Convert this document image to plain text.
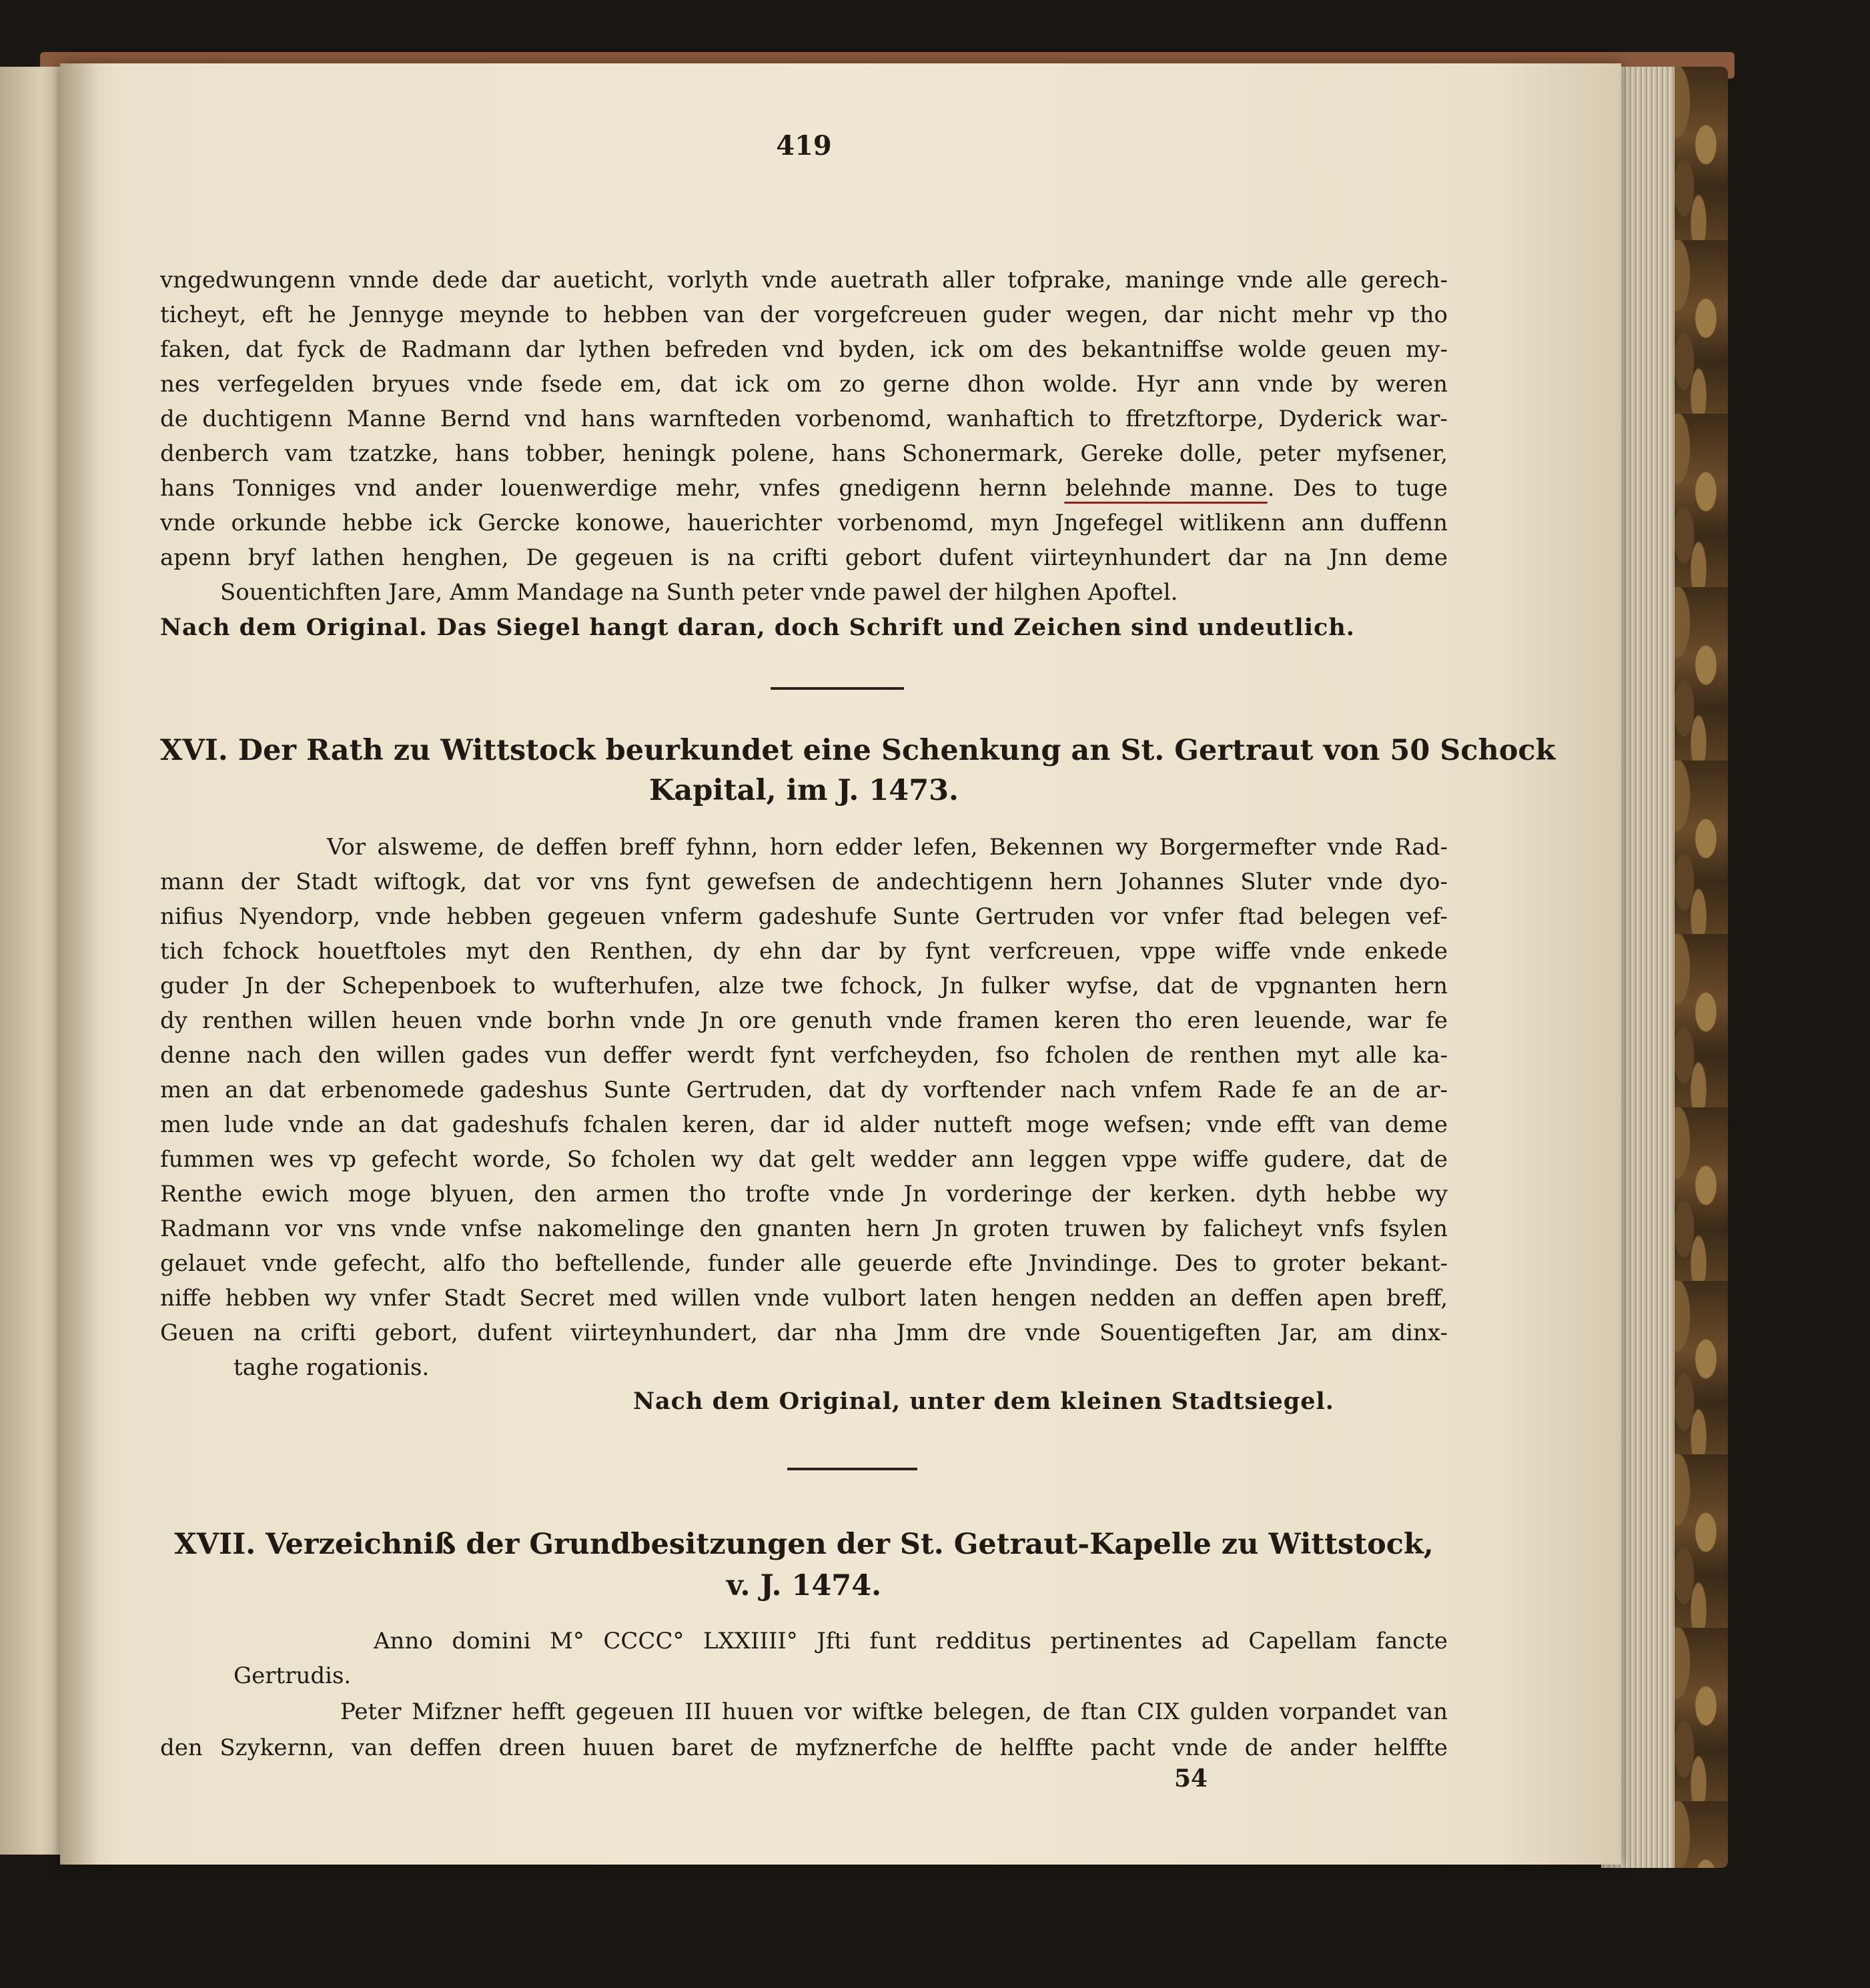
419
vngedwungenn vnnde dede dar aueticht, vorlyth vnde auetrath aller tofprake, maninge vnde alle gerech-
ticheyt, eft he Jennyge meynde to hebben van der vorgefcreuen guder wegen, dar nicht mehr vp tho
faken, dat fyck de Radmann dar lythen befreden vnd byden, ick om des bekantniffse wolde geuen my-
nes verfegelden bryues vnde fsede em, dat ick om zo gerne dhon wolde. Hyr ann vnde by weren
de duchtigenn Manne Bernd vnd hans warnfteden vorbenomd, wanhaftich to ffretzftorpe, Dyderick war-
denberch vam tzatzke, hans tobber, heningk polene, hans Schonermark, Gereke dolle, peter myfsener,
hans Tonniges vnd ander louenwerdige mehr, vnfes gnedigenn hernn belehnde manne. Des to tuge
vnde orkunde hebbe ick Gercke konowe, hauerichter vorbenomd, myn Jngefegel witlikenn ann duffenn
apenn bryf lathen henghen, De gegeuen is na crifti gebort dufent viirteynhundert dar na Jnn deme
Souentichften Jare, Amm Mandage na Sunth peter vnde pawel der hilghen Apoftel.
Nach dem Original. Das Siegel hangt daran, doch Schrift und Zeichen sind undeutlich.
XVI. Der Rath zu Wittstock beurkundet eine Schenkung an St. Gertraut von 50 Schock
Kapital, im J. 1473.
Vor alsweme, de deffen breff fyhnn, horn edder lefen, Bekennen wy Borgermefter vnde Rad-
mann der Stadt wiftogk, dat vor vns fynt gewefsen de andechtigenn hern Johannes Sluter vnde dyo-
nifius Nyendorp, vnde hebben gegeuen vnferm gadeshufe Sunte Gertruden vor vnfer ftad belegen vef-
tich fchock houetftoles myt den Renthen, dy ehn dar by fynt verfcreuen, vppe wiffe vnde enkede
guder Jn der Schepenboek to wufterhufen, alze twe fchock, Jn fulker wyfse, dat de vpgnanten hern
dy renthen willen heuen vnde borhn vnde Jn ore genuth vnde framen keren tho eren leuende, war fe
denne nach den willen gades vun deffer werdt fynt verfcheyden, fso fcholen de renthen myt alle ka-
men an dat erbenomede gadeshus Sunte Gertruden, dat dy vorftender nach vnfem Rade fe an de ar-
men lude vnde an dat gadeshufs fchalen keren, dar id alder nutteft moge wefsen; vnde efft van deme
fummen wes vp gefecht worde, So fcholen wy dat gelt wedder ann leggen vppe wiffe gudere, dat de
Renthe ewich moge blyuen, den armen tho trofte vnde Jn vorderinge der kerken. dyth hebbe wy
Radmann vor vns vnde vnfse nakomelinge den gnanten hern Jn groten truwen by falicheyt vnfs fsylen
gelauet vnde gefecht, alfo tho beftellende, funder alle geuerde efte Jnvindinge. Des to groter bekant-
niffe hebben wy vnfer Stadt Secret med willen vnde vulbort laten hengen nedden an deffen apen breff,
Geuen na crifti gebort, dufent viirteynhundert, dar nha Jmm dre vnde Souentigeften Jar, am dinx-
taghe rogationis.
Nach dem Original, unter dem kleinen Stadtsiegel.
XVII. Verzeichniß der Grundbesitzungen der St. Getraut-Kapelle zu Wittstock,
v. J. 1474.
Anno domini M° CCCC° LXXIIII° Jfti funt redditus pertinentes ad Capellam fancte
Gertrudis.
Peter Mifzner hefft gegeuen III huuen vor wiftke belegen, de ftan CIX gulden vorpandet van
den Szykernn, van deffen dreen huuen baret de myfznerfche de helffte pacht vnde de ander helffte
54
